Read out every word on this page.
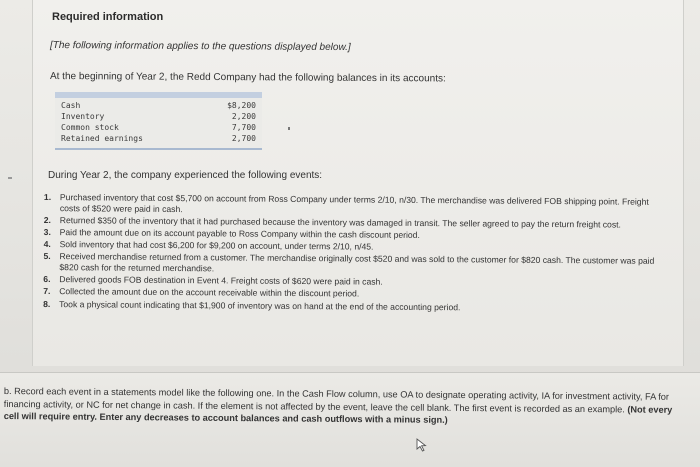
Required information
[The following information applies to the questions displayed below.]
At the beginning of Year 2, the Redd Company had the following balances in its accounts:
Cash	$8,200
Inventory	2,200
Common stock	7,700
Retained earnings	2,700
During Year 2, the company experienced the following events:
1.	Purchased inventory that cost $5,700 on account from Ross Company under terms 2/10, n/30. The merchandise was delivered FOB shipping point. Freight costs of $520 were paid in cash.
2.	Returned $350 of the inventory that it had purchased because the inventory was damaged in transit. The seller agreed to pay the return freight cost.
3.	Paid the amount due on its account payable to Ross Company within the cash discount period.
4.	Sold inventory that had cost $6,200 for $9,200 on account, under terms 2/10, n/45.
5.	Received merchandise returned from a customer. The merchandise originally cost $520 and was sold to the customer for $820 cash. The customer was paid $820 cash for the returned merchandise.
6.	Delivered goods FOB destination in Event 4. Freight costs of $620 were paid in cash.
7.	Collected the amount due on the account receivable within the discount period.
8.	Took a physical count indicating that $1,900 of inventory was on hand at the end of the accounting period.
b. Record each event in a statements model like the following one. In the Cash Flow column, use OA to designate operating activity, IA for investment activity, FA for financing activity, or NC for net change in cash. If the element is not affected by the event, leave the cell blank. The first event is recorded as an example. (Not every cell will require entry. Enter any decreases to account balances and cash outflows with a minus sign.)
